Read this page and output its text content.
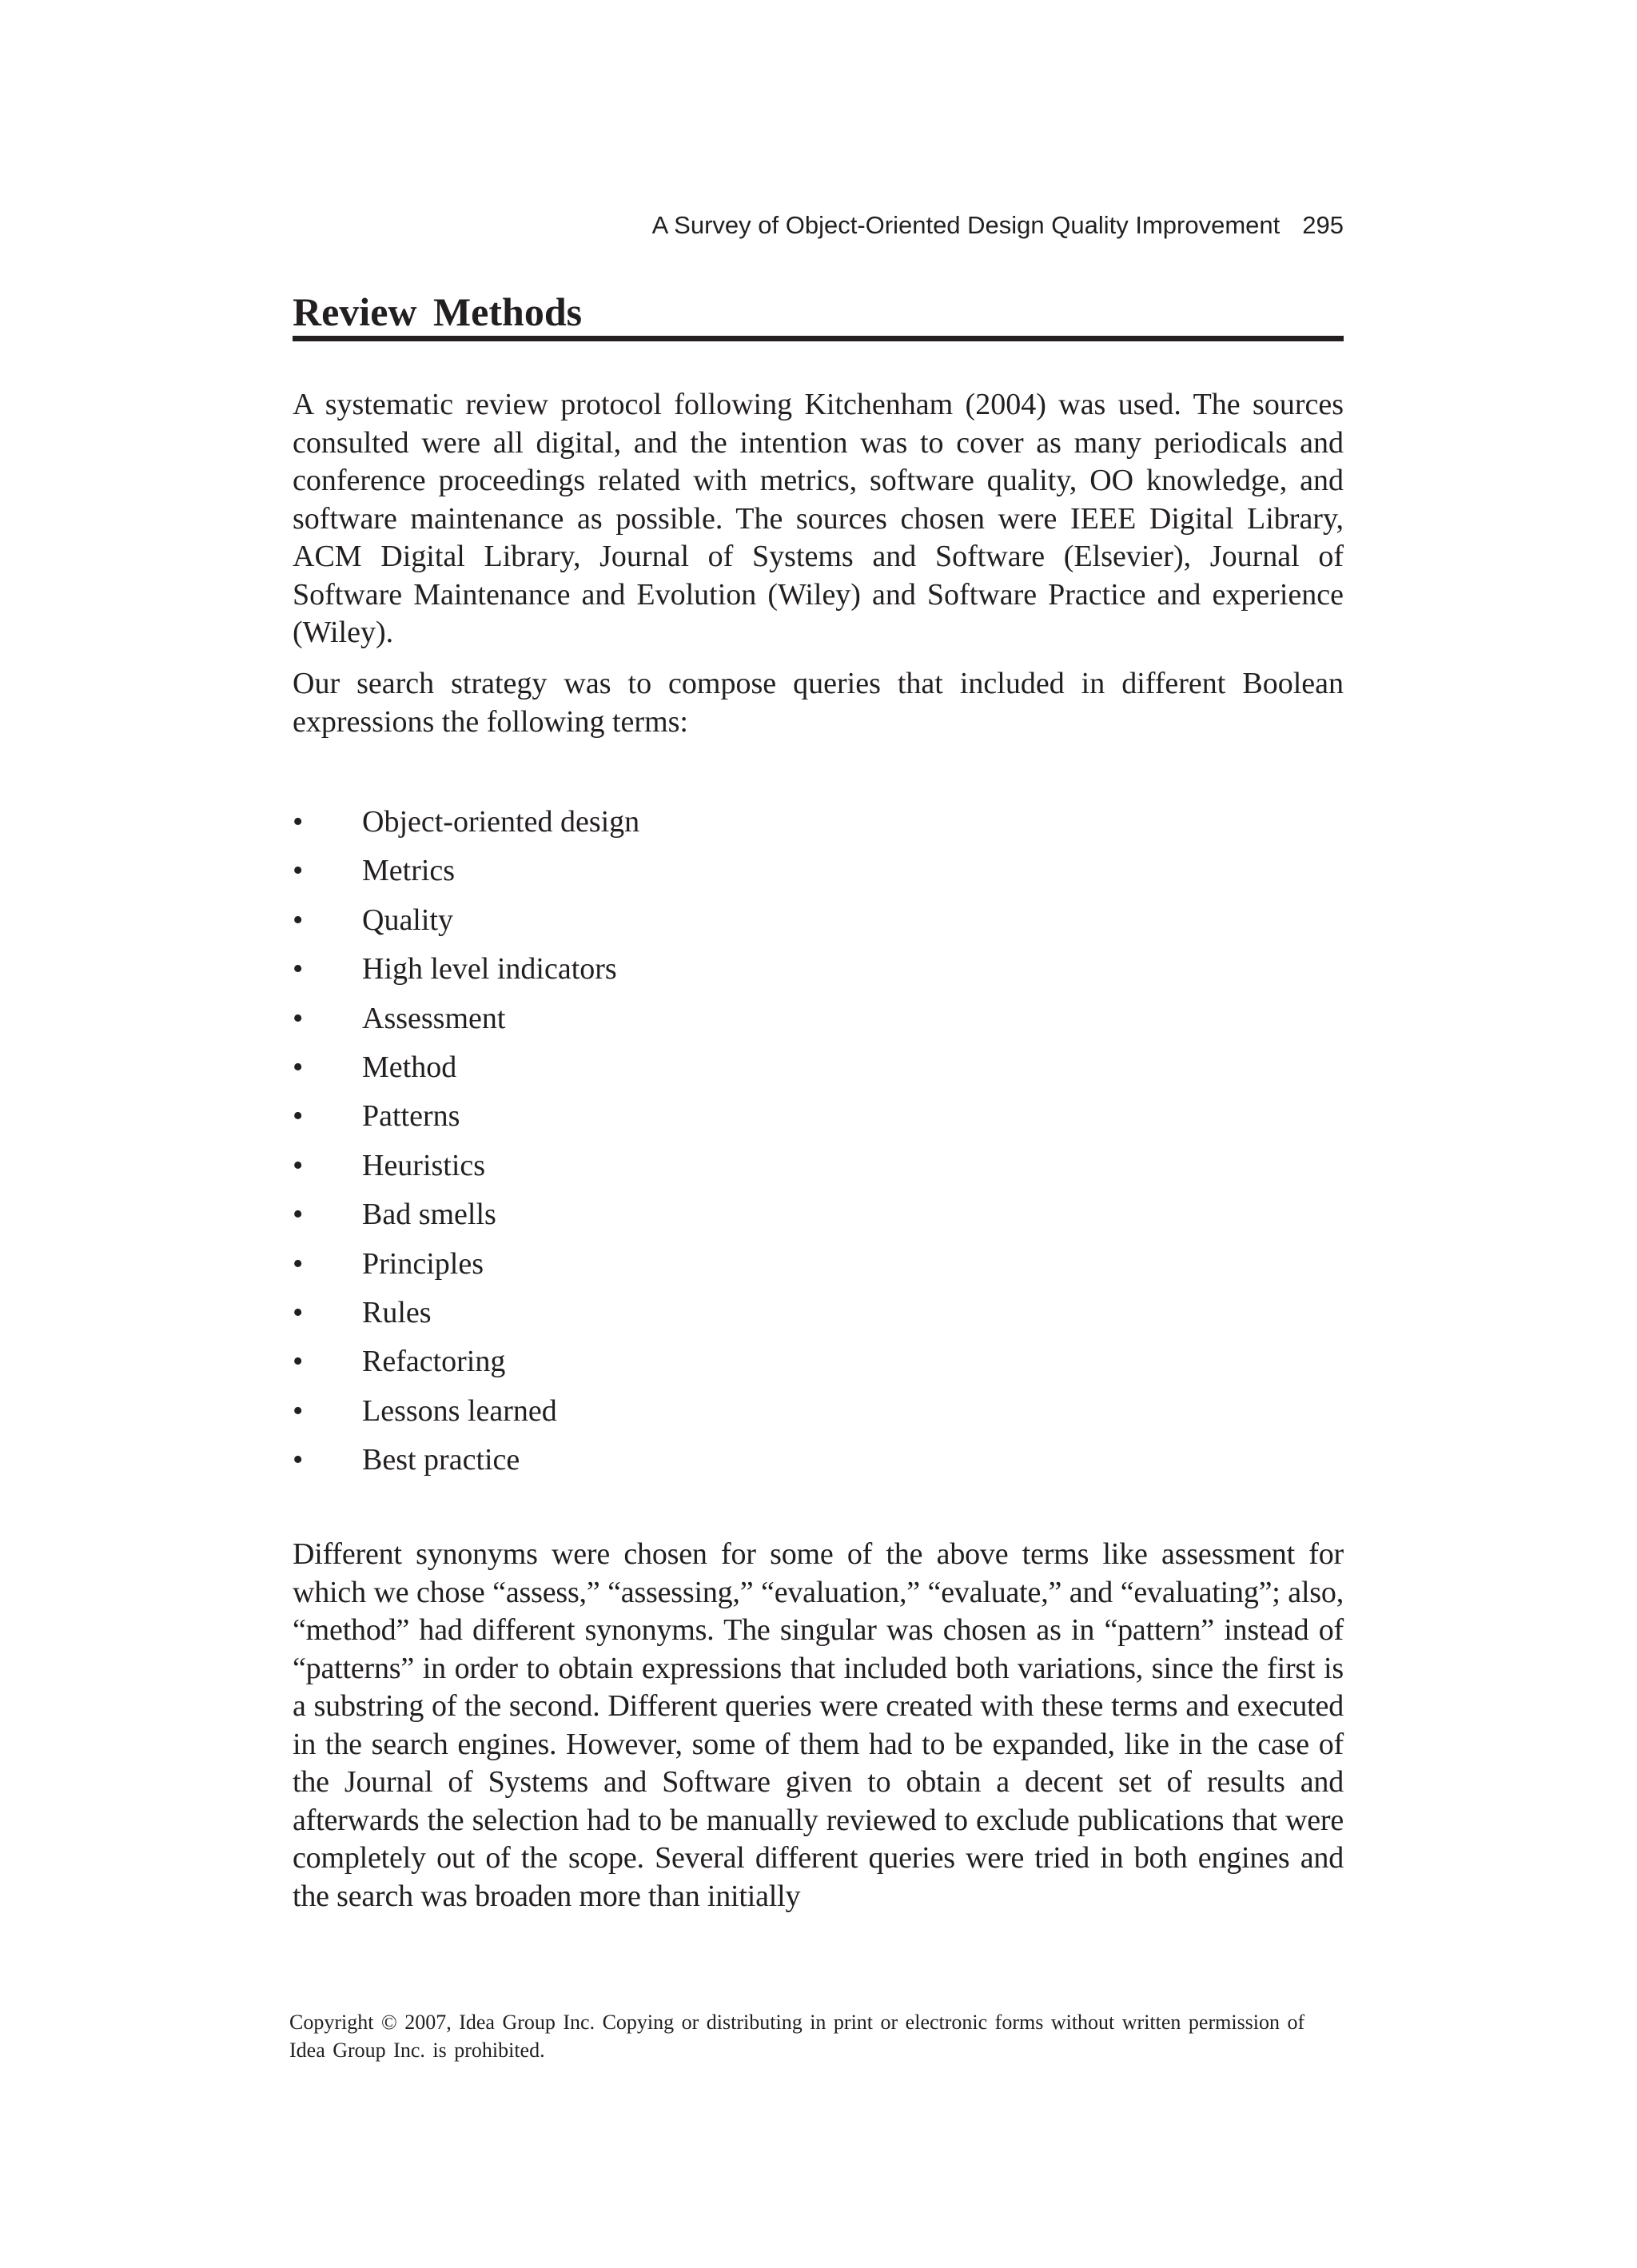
A Survey of Object-Oriented Design Quality Improvement 295
Review Methods

A systematic review protocol following Kitchenham (2004) was used. The sources consulted were all digital, and the intention was to cover as many periodicals and conference proceedings related with metrics, software quality, OO knowledge, and software maintenance as possible. The sources chosen were IEEE Digital Library, ACM Digital Library, Journal of Systems and Software (Elsevier), Journal of Software Maintenance and Evolution (Wiley) and Software Practice and experience (Wiley).

Our search strategy was to compose queries that included in different Boolean expressions the following terms:

• Object-oriented design
• Metrics
• Quality
• High level indicators
• Assessment
• Method
• Patterns
• Heuristics
• Bad smells
• Principles
• Rules
• Refactoring
• Lessons learned
• Best practice

Different synonyms were chosen for some of the above terms like assessment for which we chose “assess,” “assessing,” “evaluation,” “evaluate,” and “evaluating”; also, “method” had different synonyms. The singular was chosen as in “pattern” instead of “patterns” in order to obtain expressions that included both variations, since the first is a substring of the second. Different queries were created with these terms and executed in the search engines. However, some of them had to be expanded, like in the case of the Journal of Systems and Software given to obtain a decent set of results and afterwards the selection had to be manually reviewed to exclude publications that were completely out of the scope. Several different queries were tried in both engines and the search was broaden more than initially

Copyright © 2007, Idea Group Inc. Copying or distributing in print or electronic forms without written permission of Idea Group Inc. is prohibited.
